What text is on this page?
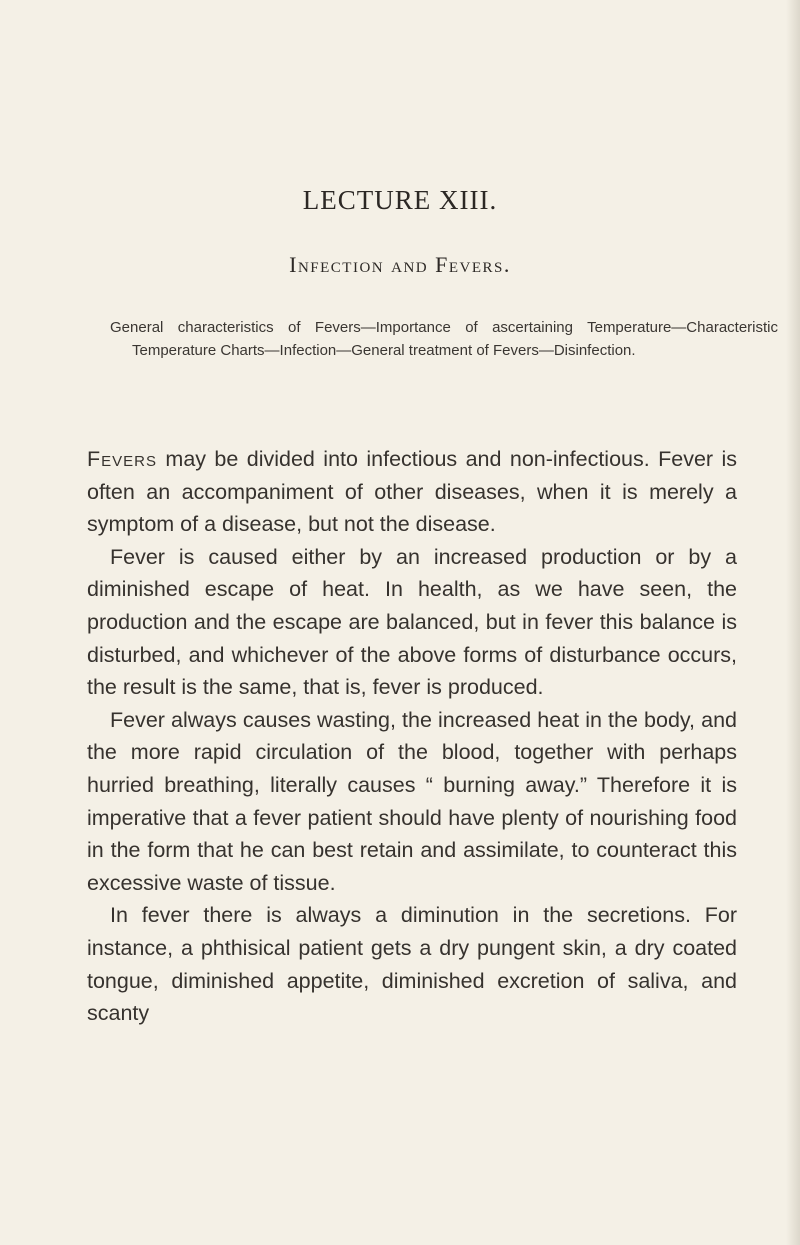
LECTURE XIII.
Infection and Fevers.
General characteristics of Fevers—Importance of ascertaining Temperature—Characteristic Temperature Charts—Infection—General treatment of Fevers—Disinfection.

Fevers may be divided into infectious and non-infectious. Fever is often an accompaniment of other diseases, when it is merely a symptom of a disease, but not the disease.

Fever is caused either by an increased production or by a diminished escape of heat. In health, as we have seen, the production and the escape are balanced, but in fever this balance is disturbed, and whichever of the above forms of disturbance occurs, the result is the same, that is, fever is produced.

Fever always causes wasting, the increased heat in the body, and the more rapid circulation of the blood, together with perhaps hurried breathing, literally causes “ burning away.” Therefore it is imperative that a fever patient should have plenty of nourishing food in the form that he can best retain and assimilate, to counteract this excessive waste of tissue.

In fever there is always a diminution in the secretions. For instance, a phthisical patient gets a dry pungent skin, a dry coated tongue, diminished appetite, diminished excretion of saliva, and scanty
